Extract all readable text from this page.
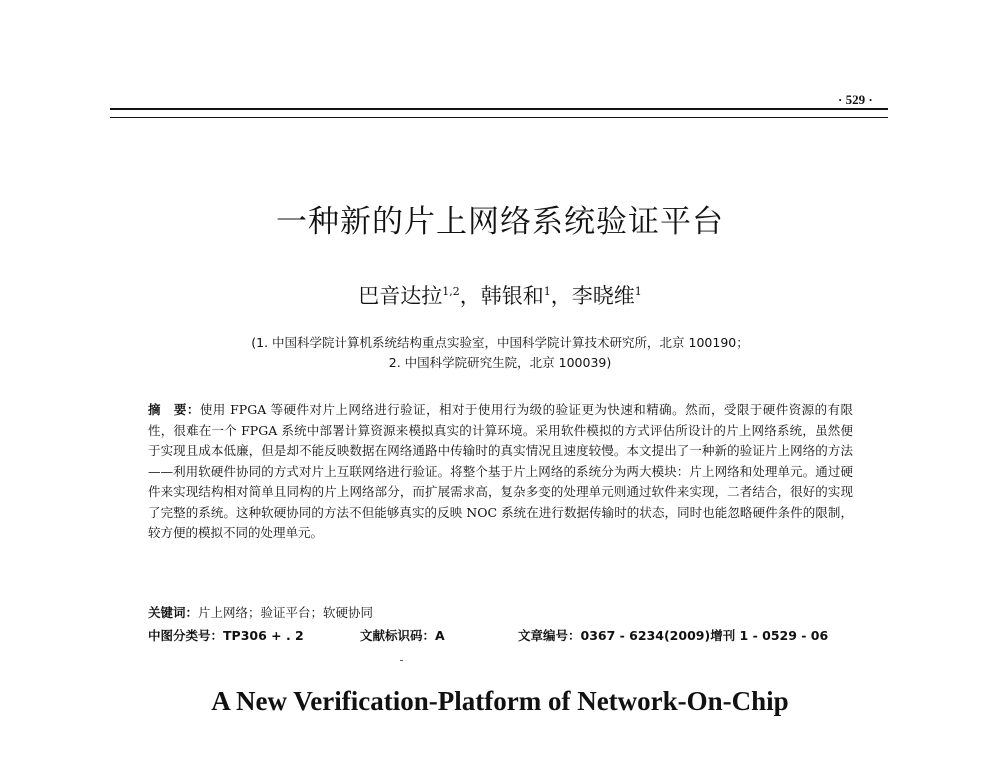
· 529 ·
一种新的片上网络系统验证平台
巴音达拉$^{1,2}$，韩银和$^1$，李晓维$^1$
(1. 中国科学院计算机系统结构重点实验室，中国科学院计算技术研究所，北京 100190；
2. 中国科学院研究生院，北京 100039)
摘　要：使用 FPGA 等硬件对片上网络进行验证，相对于使用行为级的验证更为快速和精确。然而，受限于硬件资源的有限性，很难在一个 FPGA 系统中部署计算资源来模拟真实的计算环境。采用软件模拟的方式评估所设计的片上网络系统，虽然便于实现且成本低廉，但是却不能反映数据在网络通路中传输时的真实情况且速度较慢。本文提出了一种新的验证片上网络的方法——利用软硬件协同的方式对片上互联网络进行验证。将整个基于片上网络的系统分为两大模块：片上网络和处理单元。通过硬件来实现结构相对简单且同构的片上网络部分，而扩展需求高，复杂多变的处理单元则通过软件来实现，二者结合，很好的实现了完整的系统。这种软硬协同的方法不但能够真实的反映 NOC 系统在进行数据传输时的状态，同时也能忽略硬件条件的限制，较方便的模拟不同的处理单元。
关键词：片上网络；验证平台；软硬协同
中图分类号：TP306 + . 2	文献标识码：A	文章编号：0367 - 6234(2009)增刊 1 - 0529 - 06
A New Verification-Platform of Network-On-Chip
